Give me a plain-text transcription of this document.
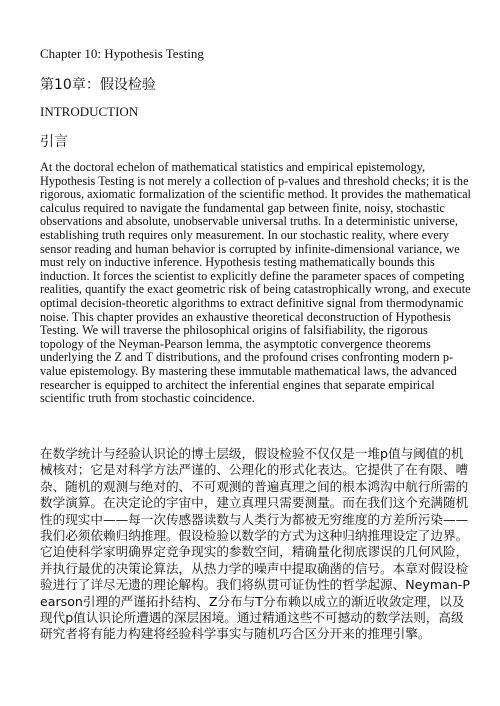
Chapter 10: Hypothesis Testing
第10章：假设检验
INTRODUCTION
引言

At the doctoral echelon of mathematical statistics and empirical epistemology, Hypothesis Testing is not merely a collection of p-values and threshold checks; it is the rigorous, axiomatic formalization of the scientific method. It provides the mathematical calculus required to navigate the fundamental gap between finite, noisy, stochastic observations and absolute, unobservable universal truths. In a deterministic universe, establishing truth requires only measurement. In our stochastic reality, where every sensor reading and human behavior is corrupted by infinite-dimensional variance, we must rely on inductive inference. Hypothesis testing mathematically bounds this induction. It forces the scientist to explicitly define the parameter spaces of competing realities, quantify the exact geometric risk of being catastrophically wrong, and execute optimal decision-theoretic algorithms to extract definitive signal from thermodynamic noise. This chapter provides an exhaustive theoretical deconstruction of Hypothesis Testing. We will traverse the philosophical origins of falsifiability, the rigorous topology of the Neyman-Pearson lemma, the asymptotic convergence theorems underlying the Z and T distributions, and the profound crises confronting modern p-value epistemology. By mastering these immutable mathematical laws, the advanced researcher is equipped to architect the inferential engines that separate empirical scientific truth from stochastic coincidence.

在数学统计与经验认识论的博士层级，假设检验不仅仅是一堆p值与阈值的机械核对；它是对科学方法严谨的、公理化的形式化表达。它提供了在有限、嘈杂、随机的观测与绝对的、不可观测的普遍真理之间的根本鸿沟中航行所需的数学演算。在决定论的宇宙中，建立真理只需要测量。而在我们这个充满随机性的现实中——每一次传感器读数与人类行为都被无穷维度的方差所污染——我们必须依赖归纳推理。假设检验以数学的方式为这种归纳推理设定了边界。它迫使科学家明确界定竞争现实的参数空间，精确量化彻底谬误的几何风险，并执行最优的决策论算法，从热力学的噪声中提取确凿的信号。本章对假设检验进行了详尽无遗的理论解构。我们将纵贯可证伪性的哲学起源、Neyman-Pearson引理的严谨拓扑结构、Z分布与T分布赖以成立的渐近收敛定理，以及现代p值认识论所遭遇的深层困境。通过精通这些不可撼动的数学法则，高级研究者将有能力构建将经验科学事实与随机巧合区分开来的推理引擎。
